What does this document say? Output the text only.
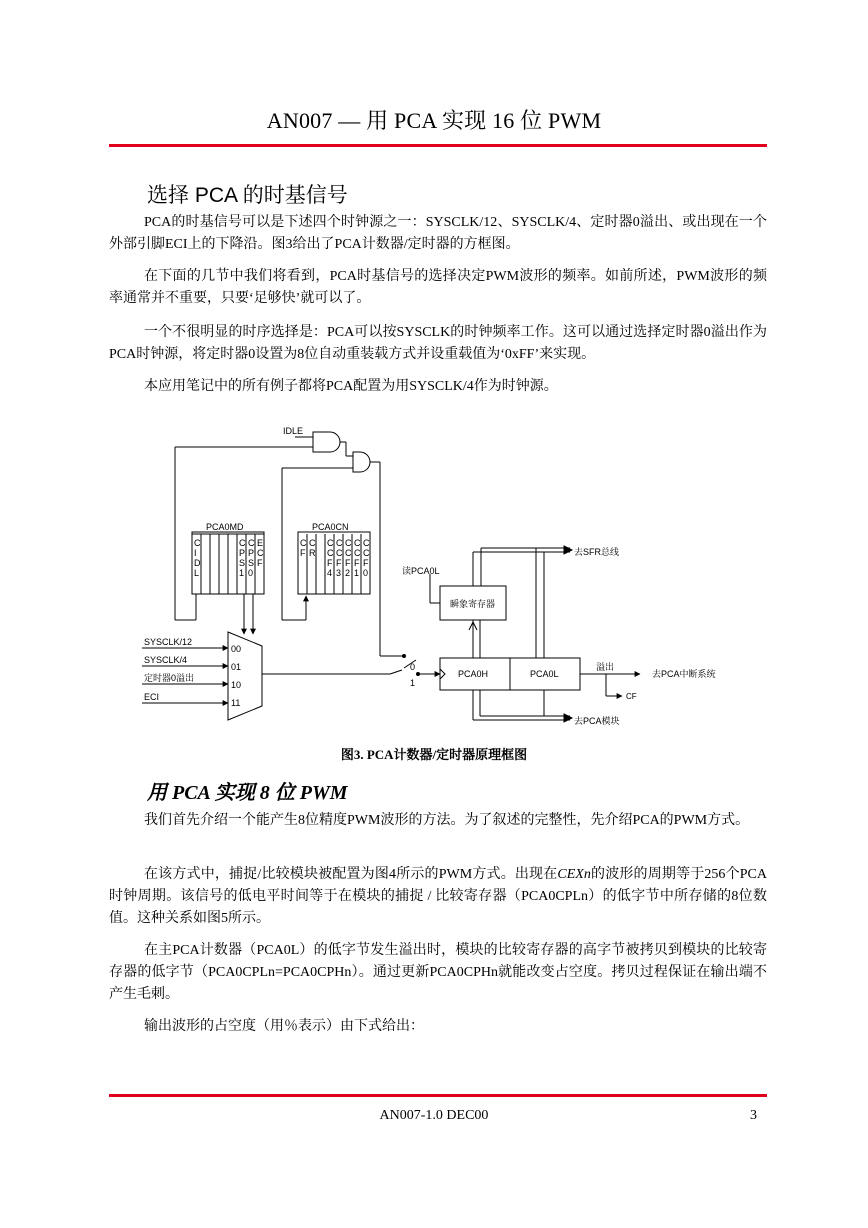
AN007 — 用 PCA 实现 16 位 PWM
选择 PCA 的时基信号

PCA的时基信号可以是下述四个时钟源之一：SYSCLK/12、SYSCLK/4、定时器0溢出、或出现在一个外部引脚ECI上的下降沿。图3给出了PCA计数器/定时器的方框图。

在下面的几节中我们将看到，PCA时基信号的选择决定PWM波形的频率。如前所述，PWM波形的频率通常并不重要，只要‘足够快’就可以了。

一个不很明显的时序选择是：PCA可以按SYSCLK的时钟频率工作。这可以通过选择定时器0溢出作为PCA时钟源，将定时器0设置为8位自动重装载方式并设重载值为‘0xFF’来实现。

本应用笔记中的所有例子都将PCA配置为用SYSCLK/4作为时钟源。

IDLE
PCA0MD	PCA0CN
SYSCLK/12
SYSCLK/4
定时器0溢出
ECI
00
01
10
11
0
1
读PCA0L
瞬象寄存器
去SFR总线
PCA0H	PCA0L
溢出
去PCA中断系统
CF
去PCA模块
C
I
D
L
C
P
S
1
C
P
S
0
E
C
F
C
F
C
R
C
C
F
4
C
C
F
3
C
C
F
2
C
C
F
1
C
C
F
0
图3. PCA计数器/定时器原理框图
用 PCA 实现 8 位 PWM

我们首先介绍一个能产生8位精度PWM波形的方法。为了叙述的完整性，先介绍PCA的PWM方式。

在该方式中，捕捉/比较模块被配置为图4所示的PWM方式。出现在CEXn的波形的周期等于256个PCA时钟周期。该信号的低电平时间等于在模块的捕捉 / 比较寄存器（PCA0CPLn）的低字节中所存储的8位数值。这种关系如图5所示。

在主PCA计数器（PCA0L）的低字节发生溢出时，模块的比较寄存器的高字节被拷贝到模块的比较寄存器的低字节（PCA0CPLn=PCA0CPHn）。通过更新PCA0CPHn就能改变占空度。拷贝过程保证在输出端不产生毛刺。

输出波形的占空度（用％表示）由下式给出：

AN007-1.0 DEC00	3
